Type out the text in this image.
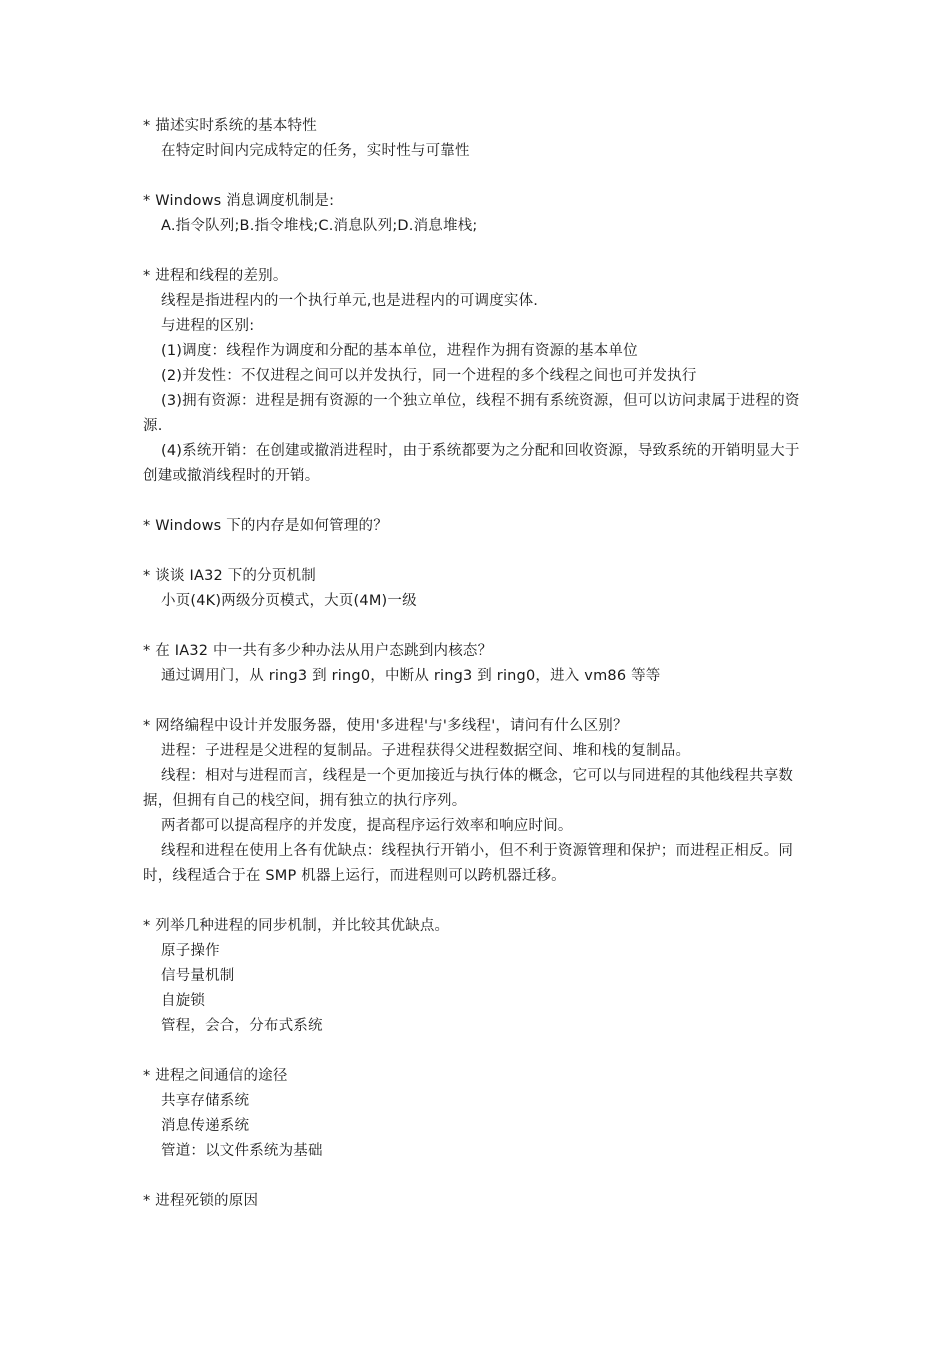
* 描述实时系统的基本特性
在特定时间内完成特定的任务，实时性与可靠性
* Windows 消息调度机制是:
A.指令队列;B.指令堆栈;C.消息队列;D.消息堆栈;
* 进程和线程的差别。
线程是指进程内的一个执行单元,也是进程内的可调度实体.
与进程的区别:
(1)调度：线程作为调度和分配的基本单位，进程作为拥有资源的基本单位
(2)并发性：不仅进程之间可以并发执行，同一个进程的多个线程之间也可并发执行
(3)拥有资源：进程是拥有资源的一个独立单位，线程不拥有系统资源，但可以访问隶属于进程的资源.
(4)系统开销：在创建或撤消进程时，由于系统都要为之分配和回收资源，导致系统的开销明显大于创建或撤消线程时的开销。
* Windows 下的内存是如何管理的？
* 谈谈 IA32 下的分页机制
小页(4K)两级分页模式，大页(4M)一级
* 在 IA32 中一共有多少种办法从用户态跳到内核态？
通过调用门，从 ring3 到 ring0，中断从 ring3 到 ring0，进入 vm86 等等
* 网络编程中设计并发服务器，使用'多进程'与'多线程'，请问有什么区别？
进程：子进程是父进程的复制品。子进程获得父进程数据空间、堆和栈的复制品。
线程：相对与进程而言，线程是一个更加接近与执行体的概念，它可以与同进程的其他线程共享数据，但拥有自己的栈空间，拥有独立的执行序列。
两者都可以提高程序的并发度，提高程序运行效率和响应时间。
线程和进程在使用上各有优缺点：线程执行开销小，但不利于资源管理和保护；而进程正相反。同时，线程适合于在 SMP 机器上运行，而进程则可以跨机器迁移。
* 列举几种进程的同步机制，并比较其优缺点。
原子操作
信号量机制
自旋锁
管程，会合，分布式系统
* 进程之间通信的途径
共享存储系统
消息传递系统
管道：以文件系统为基础
* 进程死锁的原因
